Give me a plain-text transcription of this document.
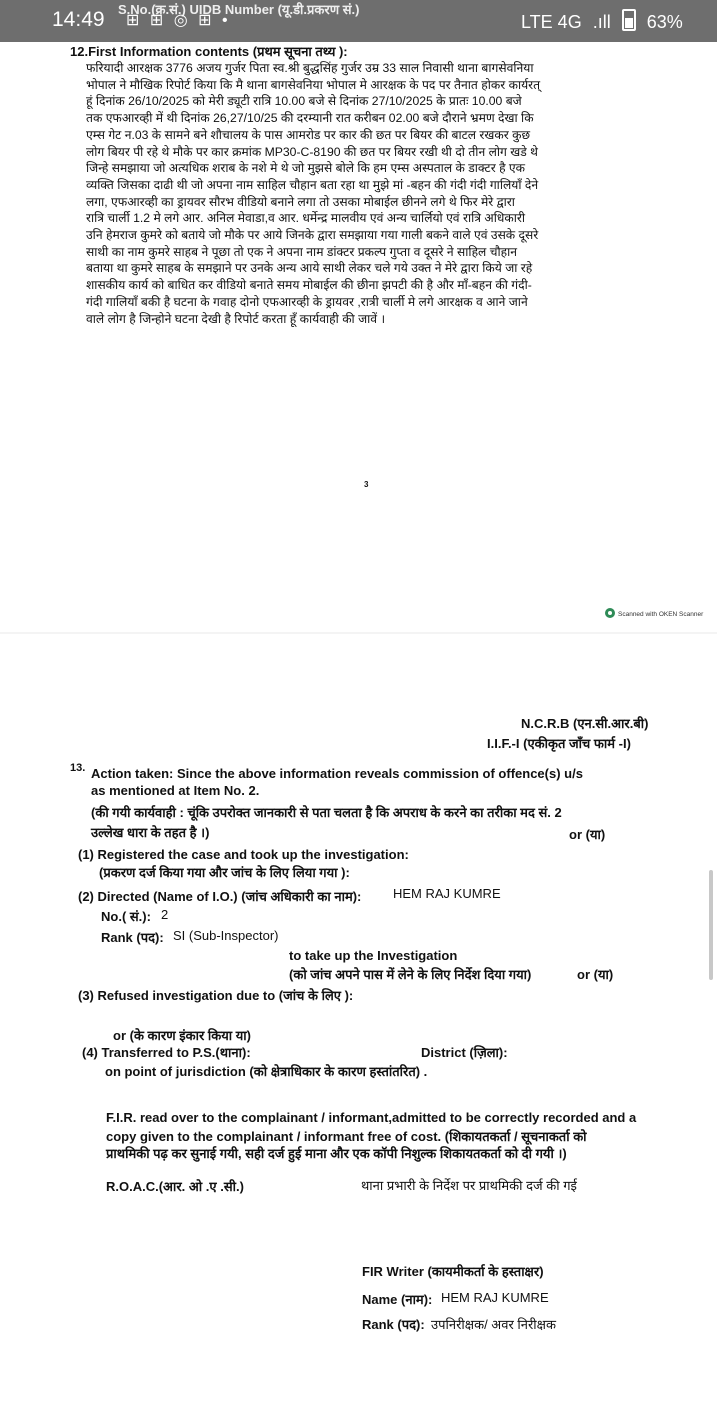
S.No.(क्र.सं.) UIDB Number (यू.डी.प्रकरण सं.)
14:49 ⊞ ⊞ ◎ ⊞ •	LTE 4G .ıll 63%
12.First Information contents (प्रथम सूचना तथ्य ):
फरियादी आरक्षक 3776 अजय गुर्जर पिता स्व.श्री बुद्धसिंह गुर्जर उम्र 33 साल निवासी थाना बागसेवनिया
भोपाल ने मौखिक रिपोर्ट किया कि मै थाना बागसेवनिया भोपाल मे आरक्षक के पद पर तैनात होकर कार्यरत्
हूं दिनांक 26/10/2025 को मेरी ड्यूटी रात्रि 10.00 बजे से दिनांक 27/10/2025 के प्रातः 10.00 बजे
तक एफआरव्ही में थी दिनांक 26,27/10/25 की दरम्यानी रात करीबन 02.00 बजे दौराने भ्रमण देखा कि
एम्स गेट न.03 के सामने बने शौचालय के पास आमरोड पर कार की छत पर बियर की बाटल रखकर कुछ
लोग बियर पी रहे थे मौके पर कार क्रमांक MP30-C-8190 की छत पर बियर रखी थी दो तीन लोग खडे थे
जिन्हे समझाया जो अत्यधिक शराब के नशे मे थे जो मुझसे बोले कि हम एम्स अस्पताल के डाक्टर है एक
व्यक्ति जिसका दाढी थी जो अपना नाम साहिल चौहान बता रहा था मुझे मां -बहन की गंदी गंदी गालियाँ देने
लगा, एफआरव्ही का ड्रायवर सौरभ वीडियो बनाने लगा तो उसका मोबाईल छीनने लगे थे फिर मेरे द्वारा
रात्रि चार्ली 1.2 मे लगे आर. अनिल मेवाडा,व आर. धर्मेन्द्र मालवीय एवं अन्य चार्लियो एवं रात्रि अधिकारी
उनि हेमराज कुमरे को बताये जो मौके पर आये जिनके द्वारा समझाया गया गाली बकने वाले एवं उसके दूसरे
साथी का नाम कुमरे साहब ने पूछा तो एक ने अपना नाम डांक्टर प्रकल्प गुप्ता व दूसरे ने साहिल चौहान
बताया था कुमरे साहब के समझाने पर उनके अन्य आये साथी लेकर चले गये उक्त ने मेरे द्वारा किये जा रहे
शासकीय कार्य को बाधित कर वीडियो बनाते समय मोबाईल की छीना झपटी की है और माँ-बहन की गंदी-
गंदी गालियाँ बकी है घटना के गवाह दोनो एफआरव्ही के ड्रायवर ,रात्री चार्ली मे लगे आरक्षक व आने जाने
वाले लोग है जिन्होने घटना देखी है रिपोर्ट करता हूँ कार्यवाही की जावें ।
3
Scanned with OKEN Scanner
N.C.R.B (एन.सी.आर.बी)
I.I.F.-I (एकीकृत जाँच फार्म -I)
13. Action taken: Since the above information reveals commission of offence(s) u/s
as mentioned at Item No. 2.
(की गयी कार्यवाही : चूंकि उपरोक्त जानकारी से पता चलता है कि अपराध के करने का तरीका मद सं. 2
उल्लेख धारा के तहत है ।)	or (या)
(1) Registered the case and took up the investigation:
(प्रकरण दर्ज किया गया और जांच के लिए लिया गया ):
(2) Directed (Name of I.O.) (जांच अधिकारी का नाम): HEM RAJ KUMRE
No.( सं.): 2
Rank (पद): SI (Sub-Inspector)
to take up the Investigation
(को जांच अपने पास में लेने के लिए निर्देश दिया गया)	or (या)
(3) Refused investigation due to (जांच के लिए ):
or (के कारण इंकार किया या)
(4) Transferred to P.S.(थाना):	District (ज़िला):
on point of jurisdiction (को क्षेत्राधिकार के कारण हस्तांतरित) .
F.I.R. read over to the complainant / informant,admitted to be correctly recorded and a
copy given to the complainant / informant free of cost. (शिकायतकर्ता / सूचनाकर्ता को
प्राथमिकी पढ़ कर सुनाई गयी, सही दर्ज हुई माना और एक कॉपी निशुल्क शिकायतकर्ता को दी गयी ।)
R.O.A.C.(आर. ओ .ए .सी.)	थाना प्रभारी के निर्देश पर प्राथमिकी दर्ज की गई
FIR Writer (कायमीकर्ता के हस्ताक्षर)
Name (नाम): HEM RAJ KUMRE
Rank (पद): उपनिरीक्षक/ अवर निरीक्षक
